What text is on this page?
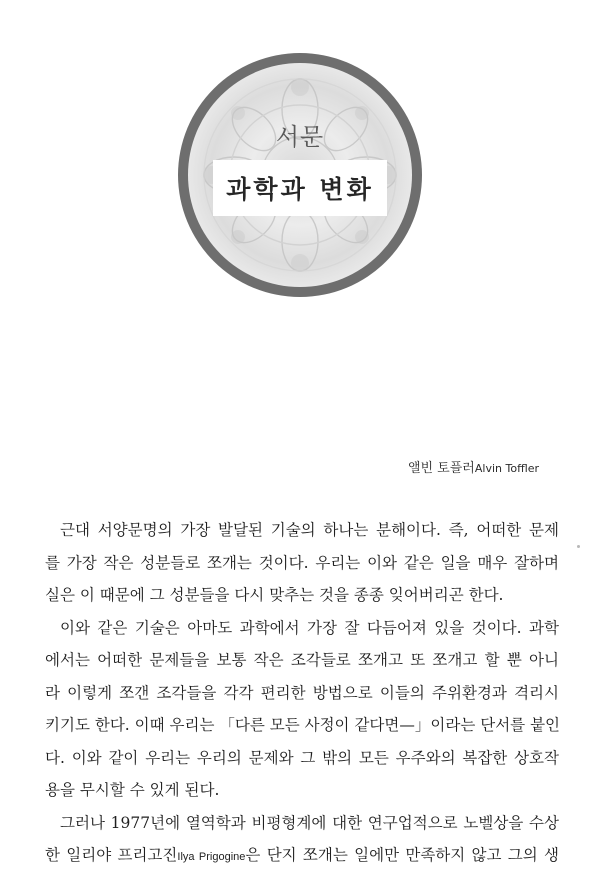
서문
과학과 변화
앨빈 토플러Alvin Toffler
근대 서양문명의 가장 발달된 기술의 하나는 분해이다. 즉, 어떠한 문제
를 가장 작은 성분들로 쪼개는 것이다. 우리는 이와 같은 일을 매우 잘하며
실은 이 때문에 그 성분들을 다시 맞추는 것을 종종 잊어버리곤 한다.
이와 같은 기술은 아마도 과학에서 가장 잘 다듬어져 있을 것이다. 과학
에서는 어떠한 문제들을 보통 작은 조각들로 쪼개고 또 쪼개고 할 뿐 아니
라 이렇게 쪼갠 조각들을 각각 편리한 방법으로 이들의 주위환경과 격리시
키기도 한다. 이때 우리는 「다른 모든 사정이 같다면—」이라는 단서를 붙인
다. 이와 같이 우리는 우리의 문제와 그 밖의 모든 우주와의 복잡한 상호작
용을 무시할 수 있게 된다.
그러나 1977년에 열역학과 비평형계에 대한 연구업적으로 노벨상을 수상
한 일리야 프리고진Ilya Prigogine은 단지 쪼개는 일에만 만족하지 않고 그의 생
